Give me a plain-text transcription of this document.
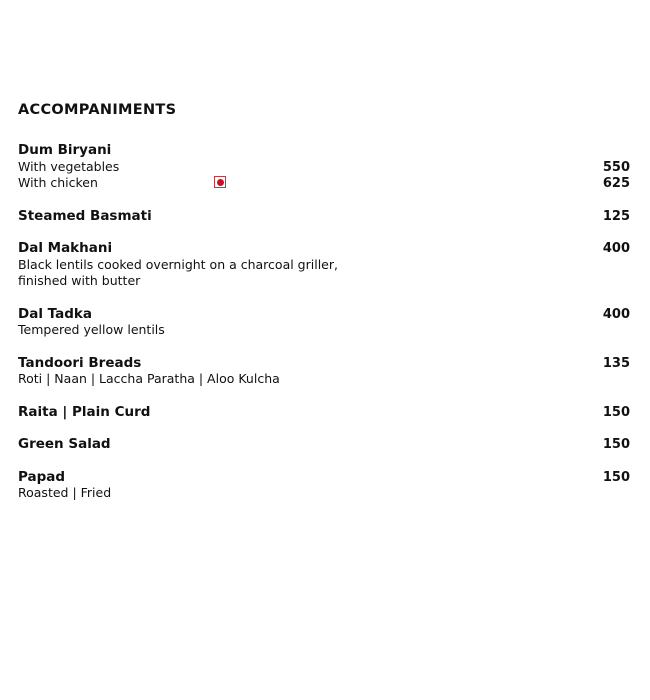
ACCOMPANIMENTS
Dum Biryani
With vegetables	550
With chicken	625
Steamed Basmati	125
Dal Makhani	400
Black lentils cooked overnight on a charcoal griller,
finished with butter
Dal Tadka	400
Tempered yellow lentils
Tandoori Breads	135
Roti | Naan | Laccha Paratha | Aloo Kulcha
Raita | Plain Curd	150
Green Salad	150
Papad	150
Roasted | Fried
